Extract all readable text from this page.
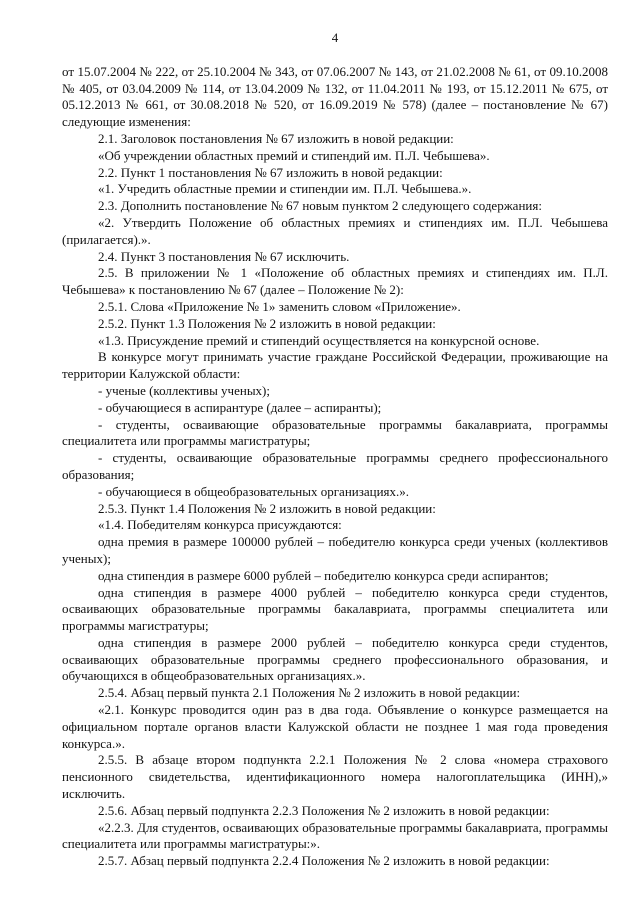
4

от 15.07.2004 № 222, от 25.10.2004 № 343, от 07.06.2007 № 143, от 21.02.2008 № 61, от 09.10.2008 № 405, от 03.04.2009 № 114, от 13.04.2009 № 132, от 11.04.2011 № 193, от 15.12.2011 № 675, от 05.12.2013 № 661, от 30.08.2018 № 520, от 16.09.2019 № 578) (далее – постановление № 67) следующие изменения:

2.1. Заголовок постановления № 67 изложить в новой редакции:

«Об учреждении областных премий и стипендий им. П.Л. Чебышева».

2.2. Пункт 1 постановления № 67 изложить в новой редакции:

«1. Учредить областные премии и стипендии им. П.Л. Чебышева.».

2.3. Дополнить постановление № 67 новым пунктом 2 следующего содержания:

«2. Утвердить Положение об областных премиях и стипендиях им. П.Л. Чебышева (прилагается).».

2.4. Пункт 3 постановления № 67 исключить.

2.5. В приложении № 1 «Положение об областных премиях и стипендиях им. П.Л. Чебышева» к постановлению № 67 (далее – Положение № 2):

2.5.1. Слова «Приложение № 1» заменить словом «Приложение».

2.5.2. Пункт 1.3 Положения № 2 изложить в новой редакции:

«1.3. Присуждение премий и стипендий осуществляется на конкурсной основе.

В конкурсе могут принимать участие граждане Российской Федерации, проживающие на территории Калужской области:

- ученые (коллективы ученых);

- обучающиеся в аспирантуре (далее – аспиранты);

- студенты, осваивающие образовательные программы бакалавриата, программы специалитета или программы магистратуры;

- студенты, осваивающие образовательные программы среднего профессионального образования;

- обучающиеся в общеобразовательных организациях.».

2.5.3. Пункт 1.4 Положения № 2 изложить в новой редакции:

«1.4. Победителям конкурса присуждаются:

одна премия в размере 100000 рублей – победителю конкурса среди ученых (коллективов ученых);

одна стипендия в размере 6000 рублей – победителю конкурса среди аспирантов;

одна стипендия в размере 4000 рублей – победителю конкурса среди студентов, осваивающих образовательные программы бакалавриата, программы специалитета или программы магистратуры;

одна стипендия в размере 2000 рублей – победителю конкурса среди студентов, осваивающих образовательные программы среднего профессионального образования, и обучающихся в общеобразовательных организациях.».

2.5.4. Абзац первый пункта 2.1 Положения № 2 изложить в новой редакции:

«2.1. Конкурс проводится один раз в два года. Объявление о конкурсе размещается на официальном портале органов власти Калужской области не позднее 1 мая года проведения конкурса.».

2.5.5. В абзаце втором подпункта 2.2.1 Положения № 2 слова «номера страхового пенсионного свидетельства, идентификационного номера налогоплательщика (ИНН),» исключить.

2.5.6. Абзац первый подпункта 2.2.3 Положения № 2 изложить в новой редакции:

«2.2.3. Для студентов, осваивающих образовательные программы бакалавриата, программы специалитета или программы магистратуры:».

2.5.7. Абзац первый подпункта 2.2.4 Положения № 2 изложить в новой редакции:
